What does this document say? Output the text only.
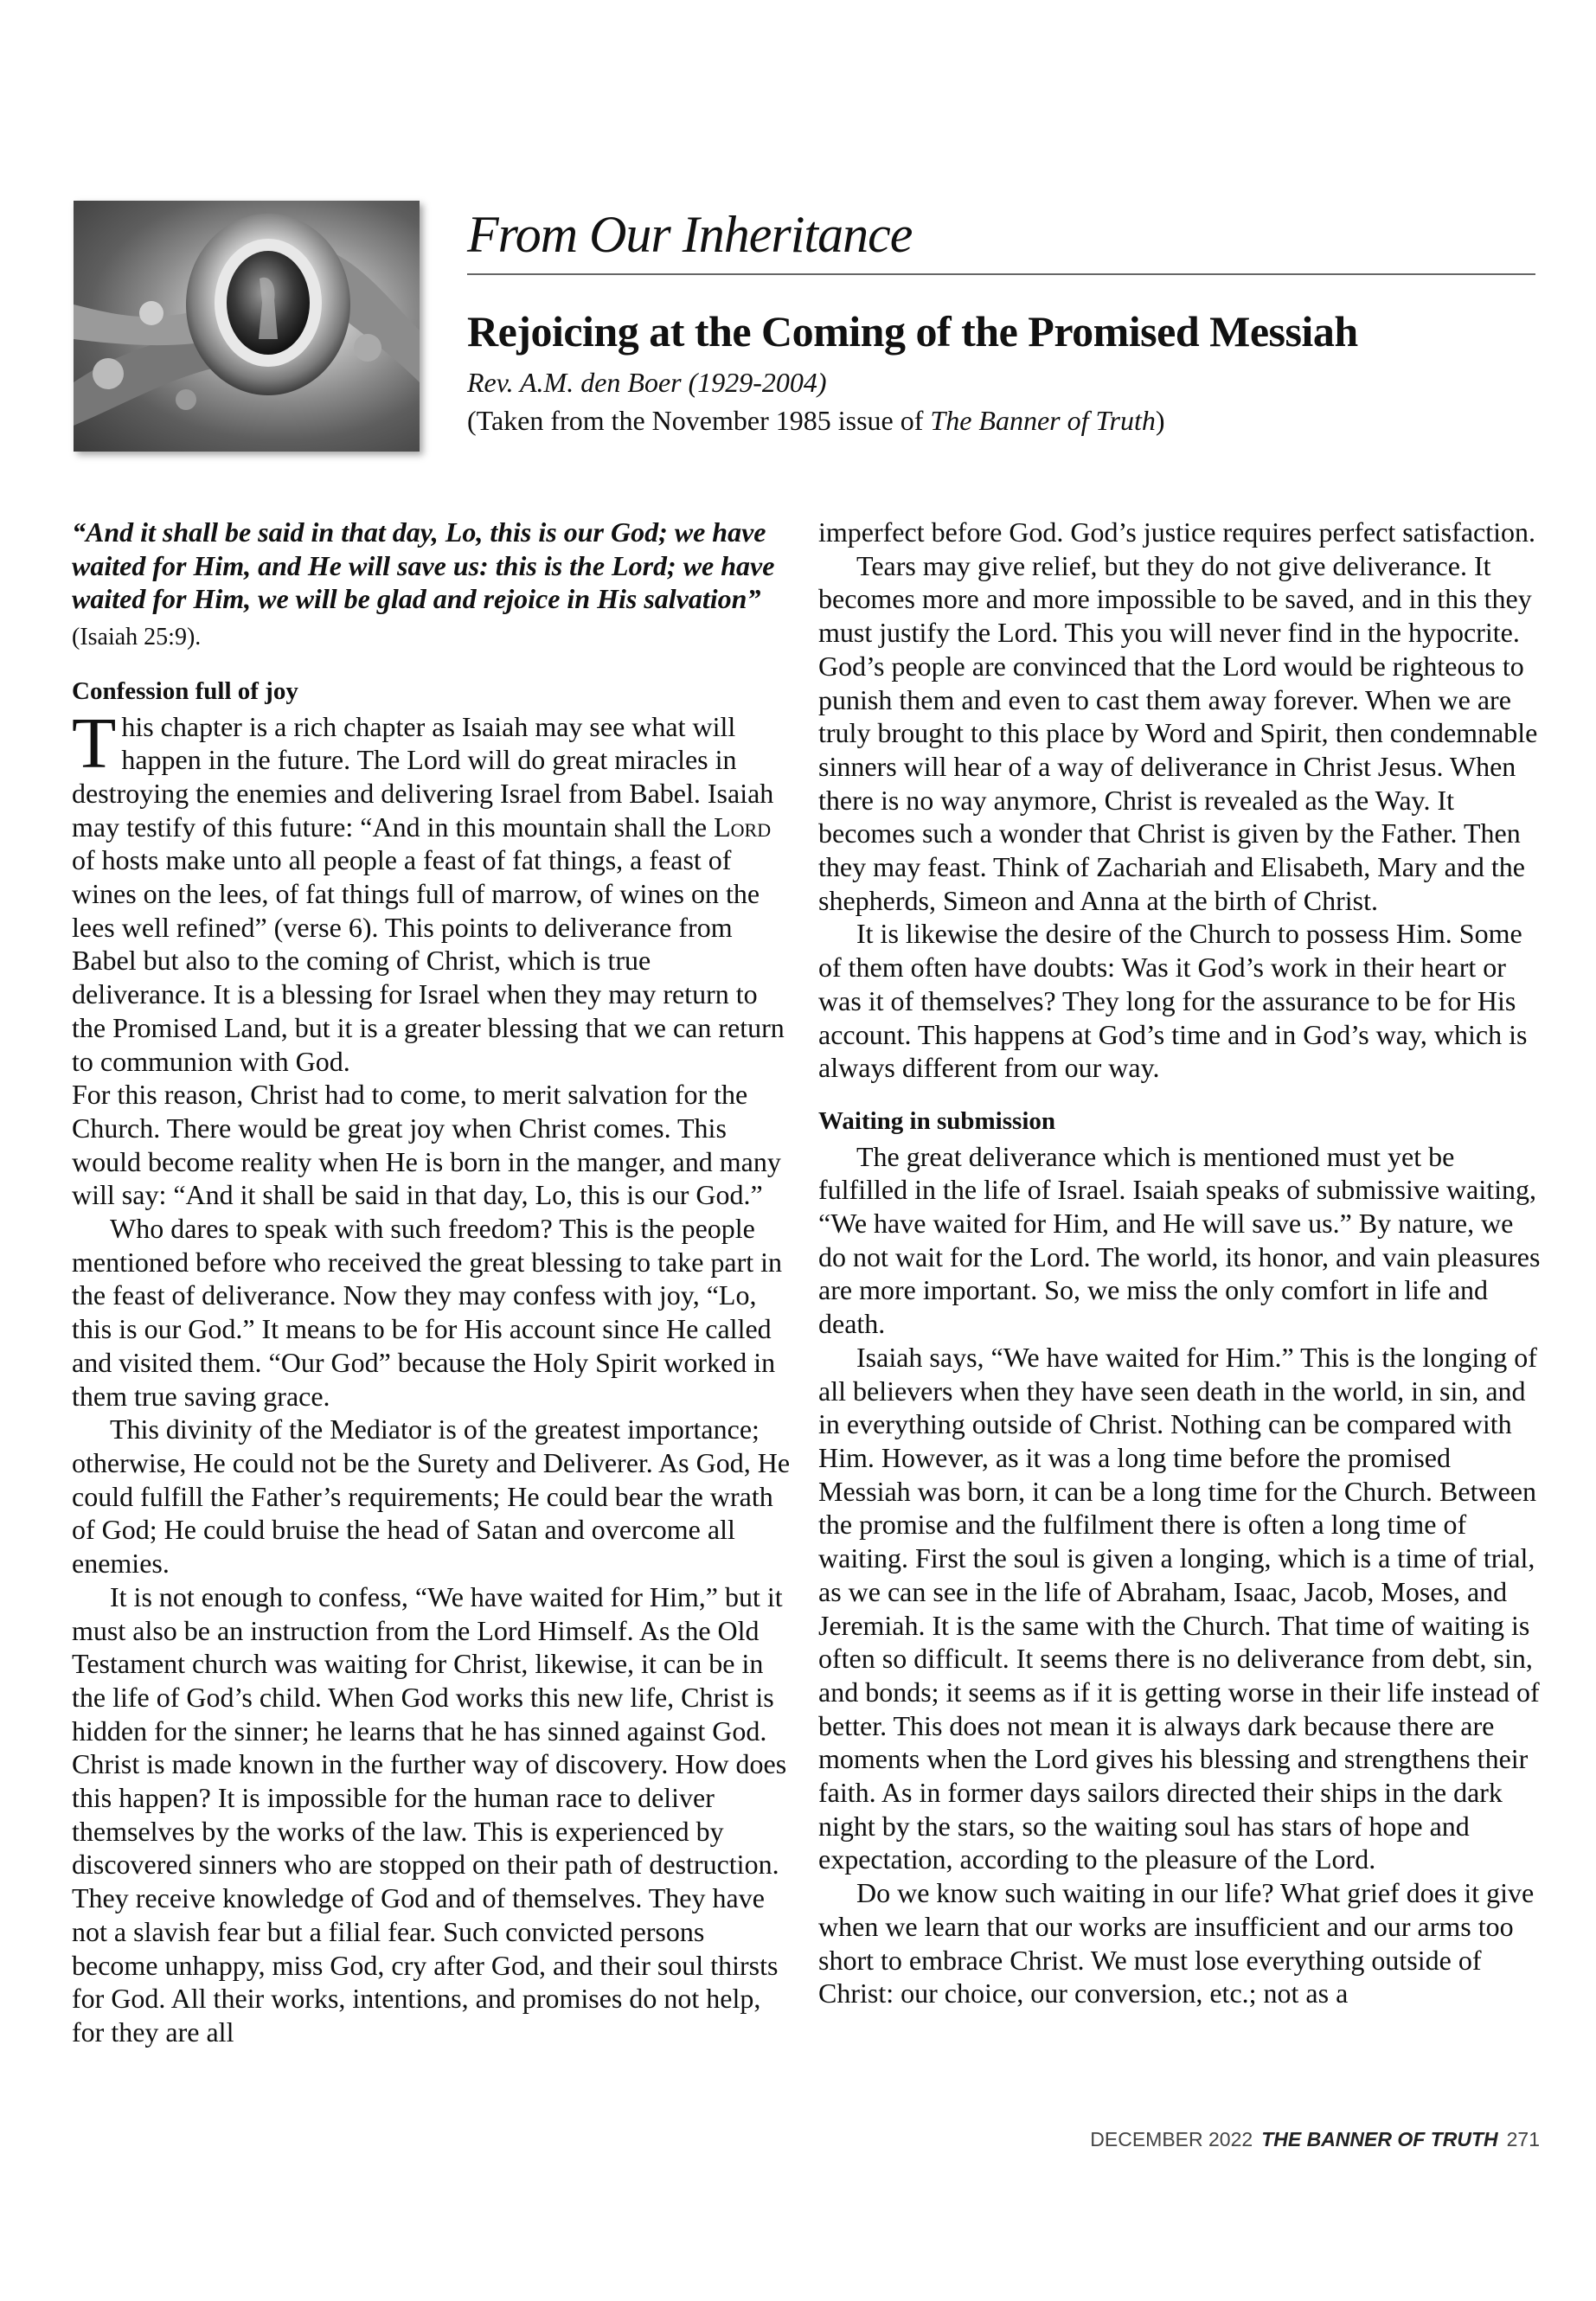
From Our Inheritance
Rejoicing at the Coming of the Promised Messiah
Rev. A.M. den Boer (1929-2004)
(Taken from the November 1985 issue of The Banner of Truth)

“And it shall be said in that day, Lo, this is our God; we have waited for Him, and He will save us: this is the Lord; we have waited for Him, we will be glad and rejoice in His salvation” (Isaiah 25:9).

Confession full of joy

This chapter is a rich chapter as Isaiah may see what will happen in the future. The Lord will do great miracles in destroying the enemies and delivering Israel from Babel. Isaiah may testify of this future: “And in this mountain shall the Lord of hosts make unto all people a feast of fat things, a feast of wines on the lees, of fat things full of marrow, of wines on the lees well refined” (verse 6). This points to deliverance from Babel but also to the coming of Christ, which is true deliverance. It is a blessing for Israel when they may return to the Promised Land, but it is a greater blessing that we can return to communion with God.

For this reason, Christ had to come, to merit salvation for the Church. There would be great joy when Christ comes. This would become reality when He is born in the manger, and many will say: “And it shall be said in that day, Lo, this is our God.”

Who dares to speak with such freedom? This is the people mentioned before who received the great blessing to take part in the feast of deliverance. Now they may confess with joy, “Lo, this is our God.” It means to be for His account since He called and visited them. “Our God” because the Holy Spirit worked in them true saving grace.

This divinity of the Mediator is of the greatest importance; otherwise, He could not be the Surety and Deliverer. As God, He could fulfill the Father’s requirements; He could bear the wrath of God; He could bruise the head of Satan and overcome all enemies.

It is not enough to confess, “We have waited for Him,” but it must also be an instruction from the Lord Himself. As the Old Testament church was waiting for Christ, likewise, it can be in the life of God’s child. When God works this new life, Christ is hidden for the sinner; he learns that he has sinned against God. Christ is made known in the further way of discovery. How does this happen? It is impossible for the human race to deliver themselves by the works of the law. This is experienced by discovered sinners who are stopped on their path of destruction. They receive knowledge of God and of themselves. They have not a slavish fear but a filial fear. Such convicted persons become unhappy, miss God, cry after God, and their soul thirsts for God. All their works, intentions, and promises do not help, for they are all

imperfect before God. God’s justice requires perfect satisfaction.

Tears may give relief, but they do not give deliverance. It becomes more and more impossible to be saved, and in this they must justify the Lord. This you will never find in the hypocrite. God’s people are convinced that the Lord would be righteous to punish them and even to cast them away forever. When we are truly brought to this place by Word and Spirit, then condemnable sinners will hear of a way of deliverance in Christ Jesus. When there is no way anymore, Christ is revealed as the Way. It becomes such a wonder that Christ is given by the Father. Then they may feast. Think of Zachariah and Elisabeth, Mary and the shepherds, Simeon and Anna at the birth of Christ.

It is likewise the desire of the Church to possess Him. Some of them often have doubts: Was it God’s work in their heart or was it of themselves? They long for the assurance to be for His account. This happens at God’s time and in God’s way, which is always different from our way.

Waiting in submission

The great deliverance which is mentioned must yet be fulfilled in the life of Israel. Isaiah speaks of submissive waiting, “We have waited for Him, and He will save us.” By nature, we do not wait for the Lord. The world, its honor, and vain pleasures are more important. So, we miss the only comfort in life and death.

Isaiah says, “We have waited for Him.” This is the longing of all believers when they have seen death in the world, in sin, and in everything outside of Christ. Nothing can be compared with Him. However, as it was a long time before the promised Messiah was born, it can be a long time for the Church. Between the promise and the fulfilment there is often a long time of waiting. First the soul is given a longing, which is a time of trial, as we can see in the life of Abraham, Isaac, Jacob, Moses, and Jeremiah. It is the same with the Church. That time of waiting is often so difficult. It seems there is no deliverance from debt, sin, and bonds; it seems as if it is getting worse in their life instead of better. This does not mean it is always dark because there are moments when the Lord gives his blessing and strengthens their faith. As in former days sailors directed their ships in the dark night by the stars, so the waiting soul has stars of hope and expectation, according to the pleasure of the Lord.

Do we know such waiting in our life? What grief does it give when we learn that our works are insufficient and our arms too short to embrace Christ. We must lose everything outside of Christ: our choice, our conversion, etc.; not as a

DECEMBER 2022 THE BANNER OF TRUTH 271
